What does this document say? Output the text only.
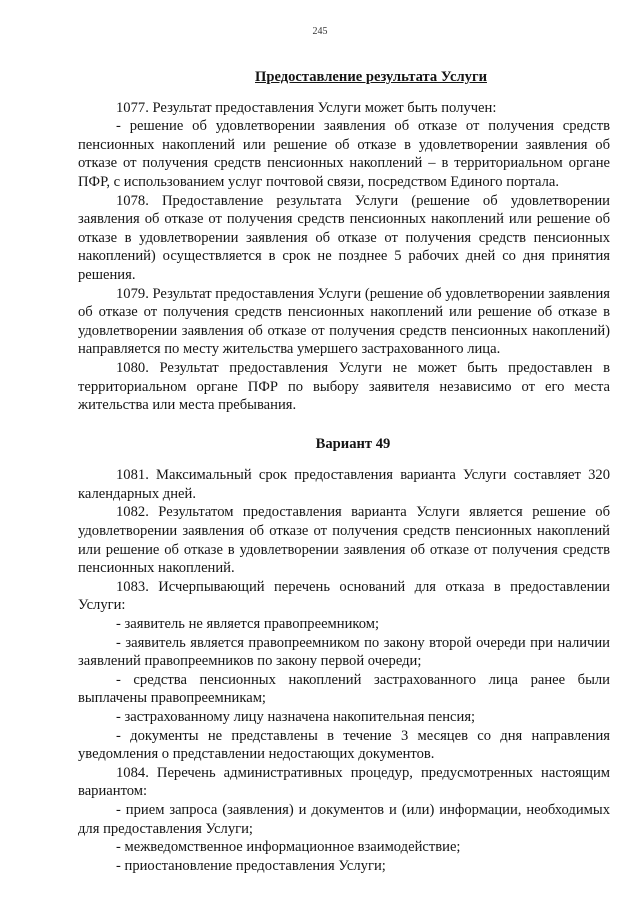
245

Предоставление результата Услуги

1077. Результат предоставления Услуги может быть получен:

- решение об удовлетворении заявления об отказе от получения средств пенсионных накоплений или решение об отказе в удовлетворении заявления об отказе от получения средств пенсионных накоплений – в территориальном органе ПФР, с использованием услуг почтовой связи, посредством Единого портала.

1078. Предоставление результата Услуги (решение об удовлетворении заявления об отказе от получения средств пенсионных накоплений или решение об отказе в удовлетворении заявления об отказе от получения средств пенсионных накоплений) осуществляется в срок не позднее 5 рабочих дней со дня принятия решения.

1079. Результат предоставления Услуги (решение об удовлетворении заявления об отказе от получения средств пенсионных накоплений или решение об отказе в удовлетворении заявления об отказе от получения средств пенсионных накоплений) направляется по месту жительства умершего застрахованного лица.

1080. Результат предоставления Услуги не может быть предоставлен в территориальном органе ПФР по выбору заявителя независимо от его места жительства или места пребывания.

Вариант 49

1081. Максимальный срок предоставления варианта Услуги составляет 320 календарных дней.

1082. Результатом предоставления варианта Услуги является решение об удовлетворении заявления об отказе от получения средств пенсионных накоплений или решение об отказе в удовлетворении заявления об отказе от получения средств пенсионных накоплений.

1083. Исчерпывающий перечень оснований для отказа в предоставлении Услуги:

- заявитель не является правопреемником;

- заявитель является правопреемником по закону второй очереди при наличии заявлений правопреемников по закону первой очереди;

- средства пенсионных накоплений застрахованного лица ранее были выплачены правопреемникам;

- застрахованному лицу назначена накопительная пенсия;

- документы не представлены в течение 3 месяцев со дня направления уведомления о представлении недостающих документов.

1084. Перечень административных процедур, предусмотренных настоящим вариантом:

- прием запроса (заявления) и документов и (или) информации, необходимых для предоставления Услуги;

- межведомственное информационное взаимодействие;

- приостановление предоставления Услуги;
